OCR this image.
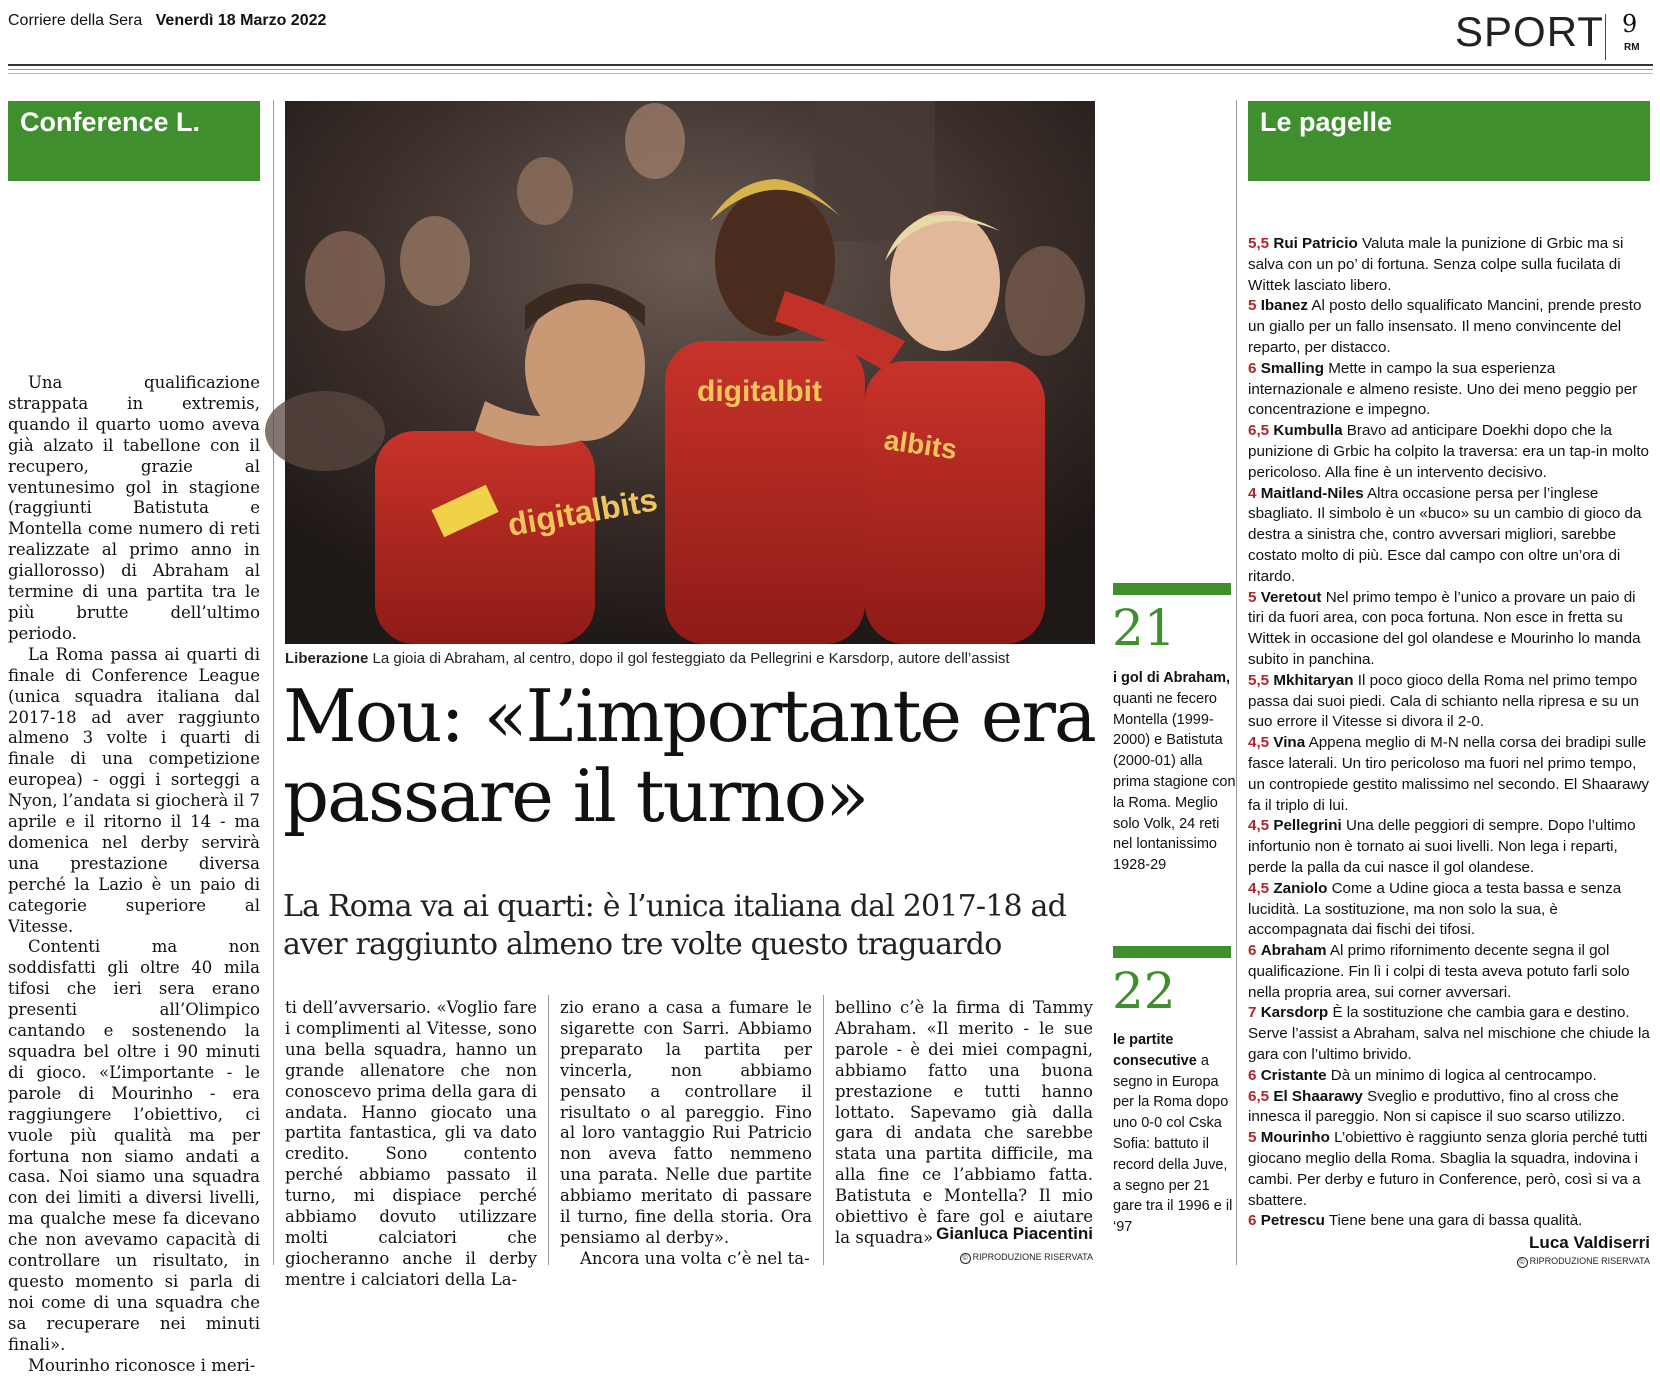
Corriere della Sera Venerdì 18 Marzo 2022	SPORT 9
RM
Conference L.
digitalbits
digitalbit
albits
Liberazione La gioia di Abraham, al centro, dopo il gol festeggiato da Pellegrini e Karsdorp, autore dell’assist
Mou: «L’importante era passare il turno»
La Roma va ai quarti: è l’unica italiana dal 2017-18 ad aver raggiunto almeno tre volte questo traguardo

Una qualificazione strappata in extremis, quando il quarto uomo aveva già alzato il tabellone con il recupero, grazie al ventunesimo gol in stagione (raggiunti Batistuta e Montella come numero di reti realizzate al primo anno in giallorosso) di Abraham al termine di una partita tra le più brutte dell’ultimo periodo.

La Roma passa ai quarti di finale di Conference League (unica squadra italiana dal 2017-18 ad aver raggiunto almeno 3 volte i quarti di finale di una competizione europea) - oggi i sorteggi a Nyon, l’andata si giocherà il 7 aprile e il ritorno il 14 - ma domenica nel derby servirà una prestazione diversa perché la Lazio è un paio di categorie superiore al Vitesse.

Contenti ma non soddisfatti gli oltre 40 mila tifosi che ieri sera erano presenti all’Olimpico cantando e sostenendo la squadra bel oltre i 90 minuti di gioco. «L’importante - le parole di Mourinho - era raggiungere l’obiettivo, ci vuole più qualità ma per fortuna non siamo andati a casa. Noi siamo una squadra con dei limiti a diversi livelli, ma qualche mese fa dicevano che non avevamo capacità di controllare un risultato, in questo momento si parla di noi come di una squadra che sa recuperare nei minuti finali».

Mourinho riconosce i meri-

ti dell’avversario. «Voglio fare i complimenti al Vitesse, sono una bella squadra, hanno un grande allenatore che non conoscevo prima della gara di andata. Hanno giocato una partita fantastica, gli va dato credito. Sono contento perché abbiamo passato il turno, mi dispiace perché abbiamo dovuto utilizzare molti calciatori che giocheranno anche il derby mentre i calciatori della La-

zio erano a casa a fumare le sigarette con Sarri. Abbiamo preparato la partita per vincerla, non abbiamo pensato a controllare il risultato o al pareggio. Fino al loro vantaggio Rui Patricio non aveva fatto nemmeno una parata. Nelle due partite abbiamo meritato di passare il turno, fine della storia. Ora pensiamo al derby».

Ancora una volta c’è nel ta-

bellino c’è la firma di Tammy Abraham. «Il merito - le sue parole - è dei miei compagni, abbiamo fatto una buona prestazione e tutti hanno lottato. Sapevamo già dalla gara di andata che sarebbe stata una partita difficile, ma alla fine ce l’abbiamo fatta. Batistuta e Montella? Il mio obiettivo è fare gol e aiutare la squadra» Gianluca Piacentini
© RIPRODUZIONE RISERVATA
21
i gol di Abraham, quanti ne fecero Montella (1999-2000) e Batistuta (2000-01) alla prima stagione con la Roma. Meglio solo Volk, 24 reti nel lontanissimo 1928-29
22
le partite consecutive a segno in Europa per la Roma dopo uno 0-0 col Cska Sofia: battuto il record della Juve, a segno per 21 gare tra il 1996 e il ‘97
Le pagelle

5,5 Rui Patricio Valuta male la punizione di Grbic ma si salva con un po’ di fortuna. Senza colpe sulla fucilata di Wittek lasciato libero.

5 Ibanez Al posto dello squalificato Mancini, prende presto un giallo per un fallo insensato. Il meno convincente del reparto, per distacco.

6 Smalling Mette in campo la sua esperienza internazionale e almeno resiste. Uno dei meno peggio per concentrazione e impegno.

6,5 Kumbulla Bravo ad anticipare Doekhi dopo che la punizione di Grbic ha colpito la traversa: era un tap-in molto pericoloso. Alla fine è un intervento decisivo.

4 Maitland-Niles Altra occasione persa per l’inglese sbagliato. Il simbolo è un «buco» su un cambio di gioco da destra a sinistra che, contro avversari migliori, sarebbe costato molto di più. Esce dal campo con oltre un’ora di ritardo.

5 Veretout Nel primo tempo è l’unico a provare un paio di tiri da fuori area, con poca fortuna. Non esce in fretta su Wittek in occasione del gol olandese e Mourinho lo manda subito in panchina.

5,5 Mkhitaryan Il poco gioco della Roma nel primo tempo passa dai suoi piedi. Cala di schianto nella ripresa e su un suo errore il Vitesse si divora il 2-0.

4,5 Vina Appena meglio di M-N nella corsa dei bradipi sulle fasce laterali. Un tiro pericoloso ma fuori nel primo tempo, un contropiede gestito malissimo nel secondo. El Shaarawy fa il triplo di lui.

4,5 Pellegrini Una delle peggiori di sempre. Dopo l’ultimo infortunio non è tornato ai suoi livelli. Non lega i reparti, perde la palla da cui nasce il gol olandese.

4,5 Zaniolo Come a Udine gioca a testa bassa e senza lucidità. La sostituzione, ma non solo la sua, è accompagnata dai fischi dei tifosi.

6 Abraham Al primo rifornimento decente segna il gol qualificazione. Fin lì i colpi di testa aveva potuto farli solo nella propria area, sui corner avversari.

7 Karsdorp È la sostituzione che cambia gara e destino. Serve l’assist a Abraham, salva nel mischione che chiude la gara con l’ultimo brivido.

6 Cristante Dà un minimo di logica al centrocampo.

6,5 El Shaarawy Sveglio e produttivo, fino al cross che innesca il pareggio. Non si capisce il suo scarso utilizzo.

5 Mourinho L’obiettivo è raggiunto senza gloria perché tutti giocano meglio della Roma. Sbaglia la squadra, indovina i cambi. Per derby e futuro in Conference, però, così si va a sbattere.

6 Petrescu Tiene bene una gara di bassa qualità.

Luca Valdiserri
© RIPRODUZIONE RISERVATA
